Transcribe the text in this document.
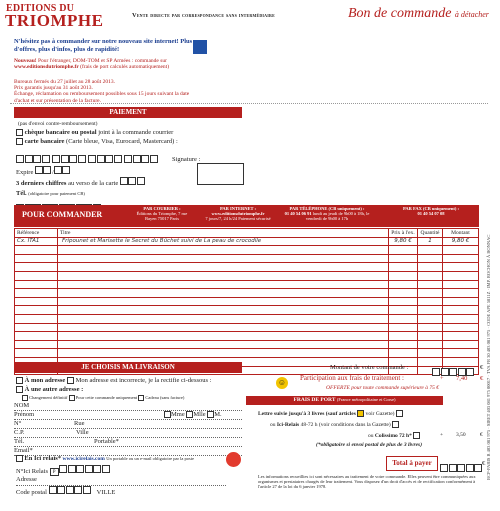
EDITIONS DU
TRIOMPHE	Vente directe par correspondance sans intermédiaire	Bon de commande à détacher
N'hésitez pas à commander sur notre nouveau site internet! Plus d'offres, plus d'infos, plus de rapidité!
Nouveau! Pour l'étranger, DOM-TOM et SP Armées : commande sur
www.editionsdutriomphe.fr (frais de port calculés automatiquement)
Bureaux fermés du 27 juillet au 28 août 2013.
Prix garantis jusqu'au 31 août 2013.
Échange, réclamation ou remboursement possibles sous 15 jours suivant la date d'achat et sur présentation de la facture.
PAIEMENT
(pas d'envoi contre-remboursement)
chèque bancaire ou postal joint à la commande courrier
carte bancaire (Carte bleue, Visa, Eurocard, Mastercard) :
Signature :
Expire
3 derniers chiffres au verso de la carte
Tél. (obligatoire pour paiement CB)
POUR COMMANDER
PAR COURRIER :
Éditions du Triomphe, 7 rue Bayen 75017 Paris
PAR INTERNET :
www.editionsdutriomphe.fr
7 jours/7, 24 h/24 Paiement sécurisé
PAR TÉLÉPHONE (CB uniquement) :
01 40 54 06 91 lundi au jeudi de 9h00 à 18h, le vendredi de 9h00 à 17h
PAR FAX (CB uniquement) :
01 40 54 07 08
Référence	Titre	Prix à l'ex.	Quantité	Montant
Cx. ITA1	Fripounet et Marisette le Secret du Bûchet suivi de La peau de crocodile	9,80 €	1	9,80 €

JE CHOISIS MA LIVRAISON
À mon adresse Mon adresse est incorrecte, je la rectifie ci-dessous :
À une autre adresse :
Changement définitif Pour cette commande uniquement Cadeau (sans facture)
NOM
Prénom	Mme Mlle M.
N°	Rue
C.P.	Ville
Tél.	Portable*
Email*
En Ici relais* www.icirelais.com Un portable ou un e-mail obligatoire par la poste
N°Ici Relais P
Adresse
Code postal	VILLE
Montant de votre commande :	€
☺ Participation aux frais de traitement :	+ 7,40 €
OFFERTE pour toute commande supérieure à 75 €
FRAIS DE PORT (France métropolitaine et Corse)
Lettre suivie jusqu'à 3 livres (sauf articles voir Gazette)
ou Ici-Relais 48-72 h (voir conditions dans la Gazette)
ou Colissimo 72 h*	+ 3,50	€
(*obligatoire si envoi postal de plus de 3 livres)
Total à payer	€
Les informations recueillies ici sont nécessaires au traitement de votre commande. Elles peuvent être communiquées aux organismes et prestataires chargés de leur traitement. Vous disposez d'un droit d'accès et de rectification conformément à l'article 27 de la loi du 6 janvier 1978.
BCP-PARIS B 403 081 975 · SIRET 403 081 975 00017 · TVA FR 30 403 081 975 · CODE APE 5811Z · IMP. ROCHON À BONNAC
